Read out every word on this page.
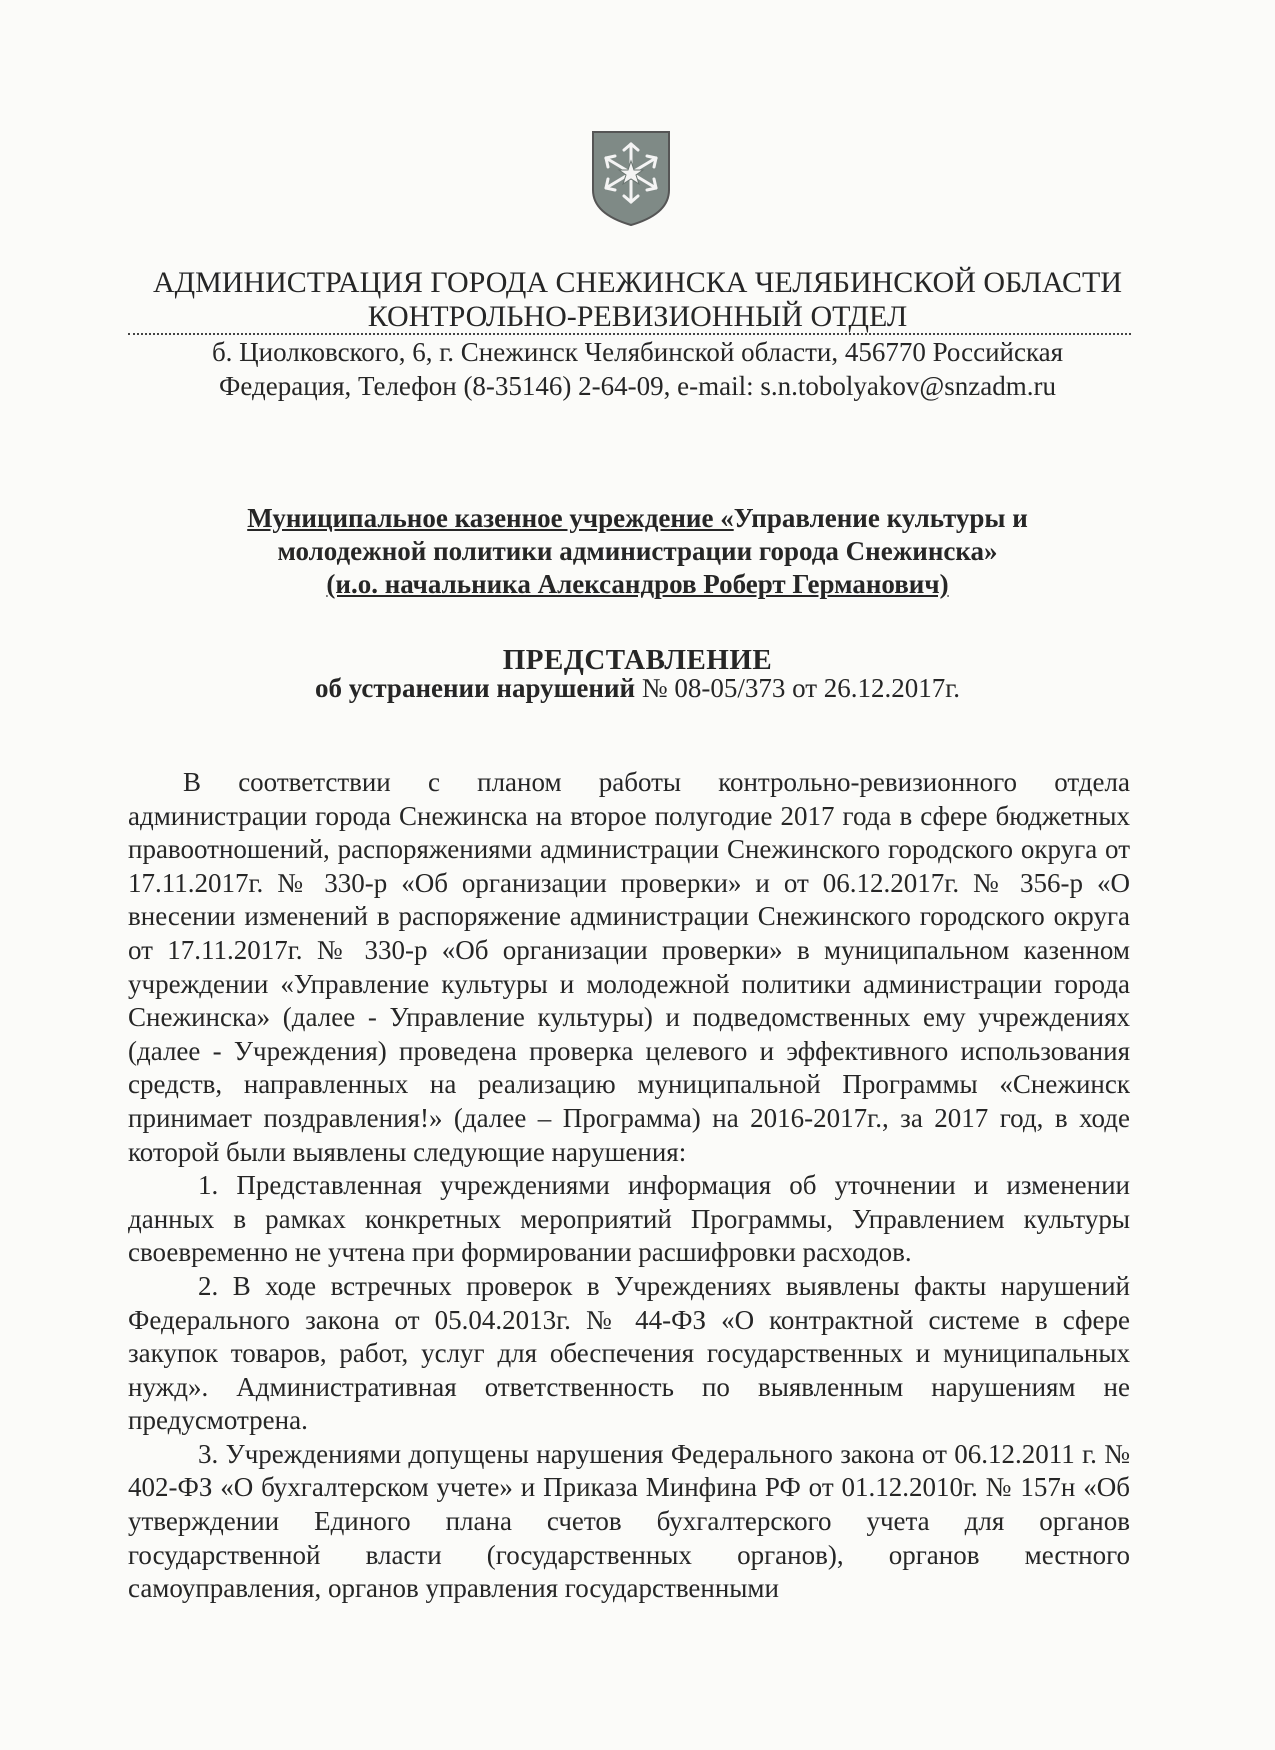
АДМИНИСТРАЦИЯ ГОРОДА СНЕЖИНСКА ЧЕЛЯБИНСКОЙ ОБЛАСТИ
КОНТРОЛЬНО-РЕВИЗИОННЫЙ ОТДЕЛ
б. Циолковского, 6, г. Снежинск Челябинской области, 456770 Российская
Федерация, Телефон (8-35146) 2-64-09, e-mail: s.n.tobolyakov@snzadm.ru
Муниципальное казенное учреждение «Управление культуры и
молодежной политики администрации города Снежинска»
(и.о. начальника Александров Роберт Германович)
ПРЕДСТАВЛЕНИЕ
об устранении нарушений № 08-05/373 от 26.12.2017г.

В соответствии с планом работы контрольно-ревизионного отдела администрации города Снежинска на второе полугодие 2017 года в сфере бюджетных правоотношений, распоряжениями администрации Снежинского городского округа от 17.11.2017г. № 330-р «Об организации проверки» и от 06.12.2017г. № 356-р «О внесении изменений в распоряжение администрации Снежинского городского округа от 17.11.2017г. № 330-р «Об организации проверки» в муниципальном казенном учреждении «Управление культуры и молодежной политики администрации города Снежинска» (далее - Управление культуры) и подведомственных ему учреждениях (далее - Учреждения) проведена проверка целевого и эффективного использования средств, направленных на реализацию муниципальной Программы «Снежинск принимает поздравления!» (далее – Программа) на 2016-2017г., за 2017 год, в ходе которой были выявлены следующие нарушения:

1. Представленная учреждениями информация об уточнении и изменении данных в рамках конкретных мероприятий Программы, Управлением культуры своевременно не учтена при формировании расшифровки расходов.

2. В ходе встречных проверок в Учреждениях выявлены факты нарушений Федерального закона от 05.04.2013г. № 44-ФЗ «О контрактной системе в сфере закупок товаров, работ, услуг для обеспечения государственных и муниципальных нужд». Административная ответственность по выявленным нарушениям не предусмотрена.

3. Учреждениями допущены нарушения Федерального закона от 06.12.2011 г. № 402-ФЗ «О бухгалтерском учете» и Приказа Минфина РФ от 01.12.2010г. № 157н «Об утверждении Единого плана счетов бухгалтерского учета для органов государственной власти (государственных органов), органов местного самоуправления, органов управления государственными
